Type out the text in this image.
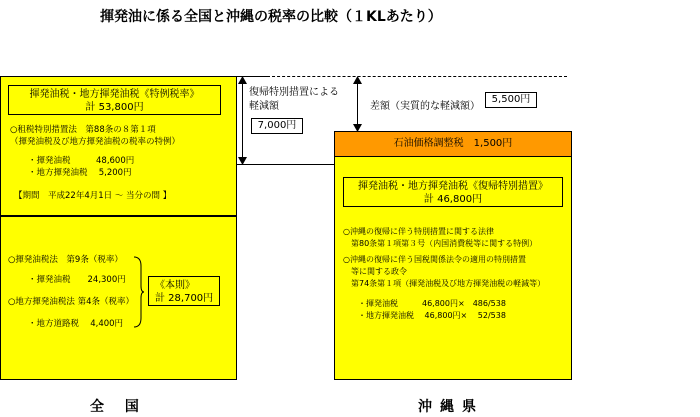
揮発油に係る全国と沖縄の税率の比較（１KLあたり）
揮発油税・地方揮発油税《特例税率》
計 53,800円
○租税特別措置法　第88条の８第１項
（揮発油税及び地方揮発油税の税率の特例）
・揮発油税　　　48,600円
・地方揮発油税　 5,200円
【期間　平成22年4月1日 ～ 当分の間 】
○揮発油税法　第9条（税率）
・揮発油税　　24,300円
○地方揮発油税法 第4条（税率）
・地方道路税　 4,400円
《本則》
計 28,700円
全 国
復帰特別措置による
軽減額
7,000円
差額（実質的な軽減額）
5,500円
石油価格調整税　1,500円
揮発油税・地方揮発油税《復帰特別措置》
計 46,800円
○沖縄の復帰に伴う特別措置に関する法律
　第80条第１項第３号（内国消費税等に関する特例）
○沖縄の復帰に伴う国税関係法令の適用の特別措置
　等に関する政令
　第74条第１項（揮発油税及び地方揮発油税の軽減等）
・揮発油税　　　46,800円×　486/538
・地方揮発油税　 46,800円×　 52/538
沖縄県
